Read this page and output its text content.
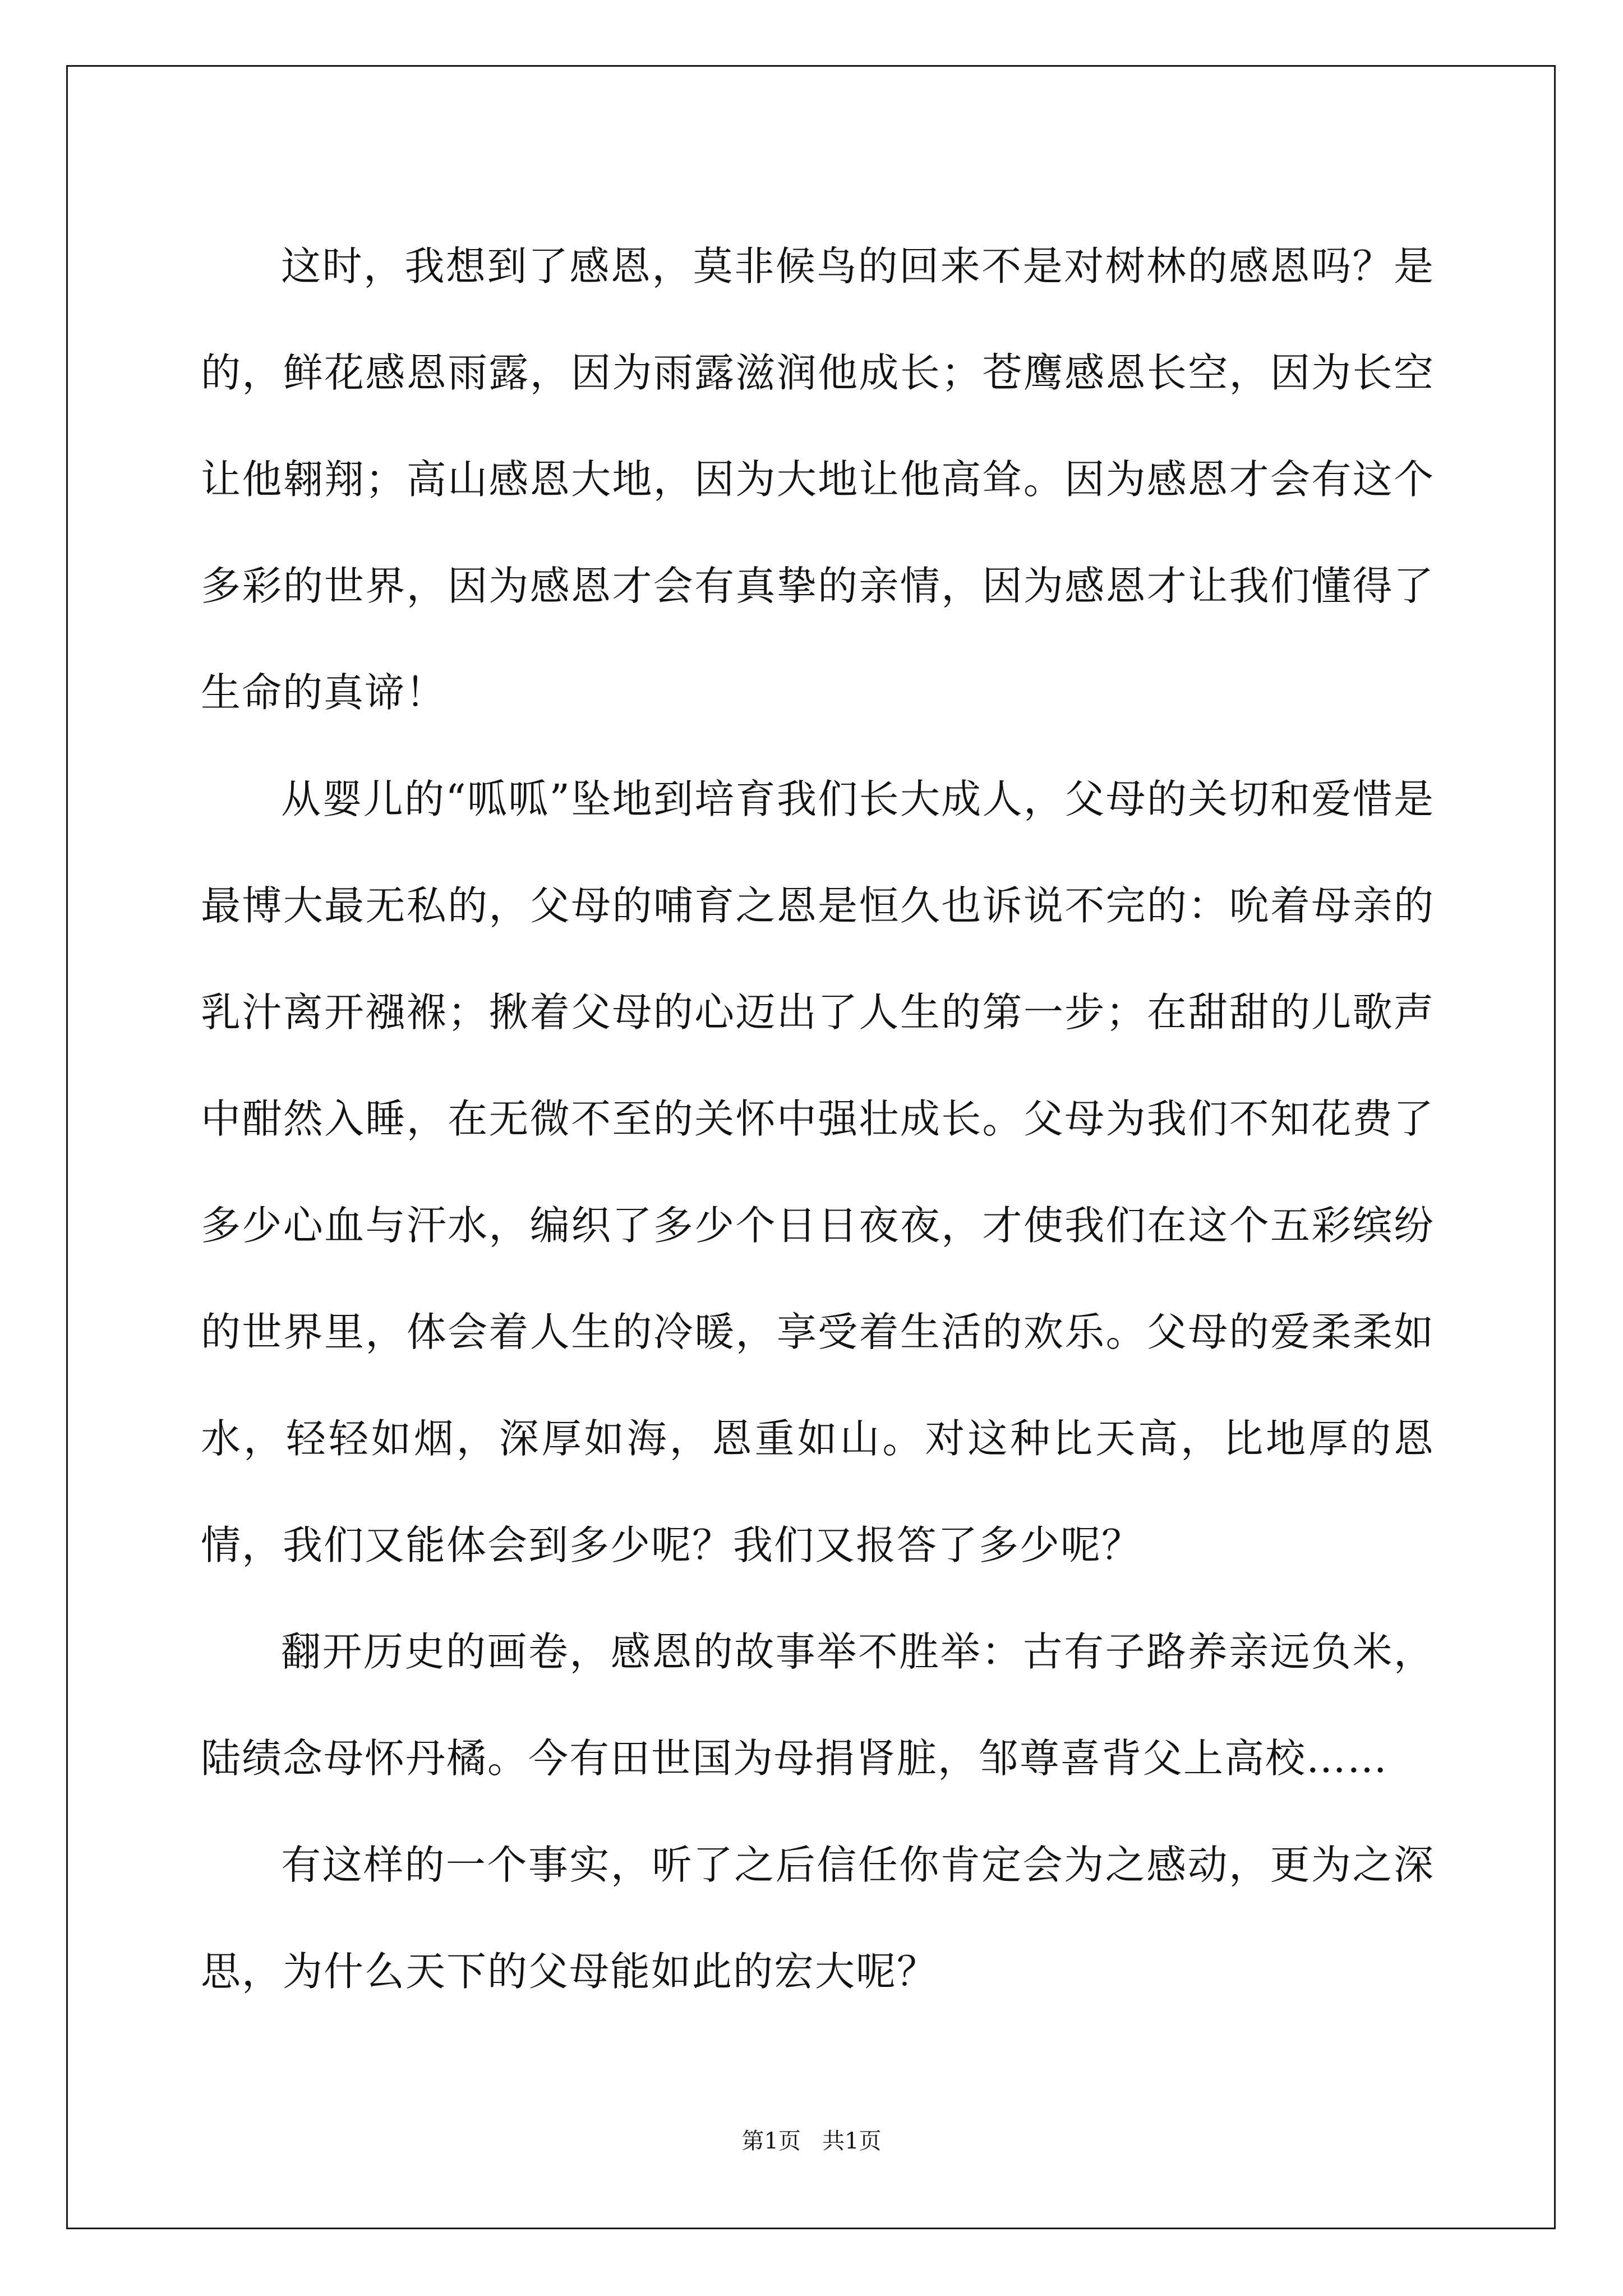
这时，我想到了感恩，莫非候鸟的回来不是对树林的感恩吗？是的，鲜花感恩雨露，因为雨露滋润他成长；苍鹰感恩长空，因为长空让他翱翔；高山感恩大地，因为大地让他高耸。因为感恩才会有这个多彩的世界，因为感恩才会有真挚的亲情，因为感恩才让我们懂得了生命的真谛！

从婴儿的“呱呱”坠地到培育我们长大成人，父母的关切和爱惜是最博大最无私的，父母的哺育之恩是恒久也诉说不完的：吮着母亲的乳汁离开襁褓；揪着父母的心迈出了人生的第一步；在甜甜的儿歌声中酣然入睡，在无微不至的关怀中强壮成长。父母为我们不知花费了多少心血与汗水，编织了多少个日日夜夜，才使我们在这个五彩缤纷的世界里，体会着人生的冷暖，享受着生活的欢乐。父母的爱柔柔如水，轻轻如烟，深厚如海，恩重如山。对这种比天高，比地厚的恩情，我们又能体会到多少呢？我们又报答了多少呢？

翻开历史的画卷，感恩的故事举不胜举：古有子路养亲远负米，陆绩念母怀丹橘。今有田世国为母捐肾脏，邹尊喜背父上高校……

有这样的一个事实，听了之后信任你肯定会为之感动，更为之深思，为什么天下的父母能如此的宏大呢？

第1页 共1页
